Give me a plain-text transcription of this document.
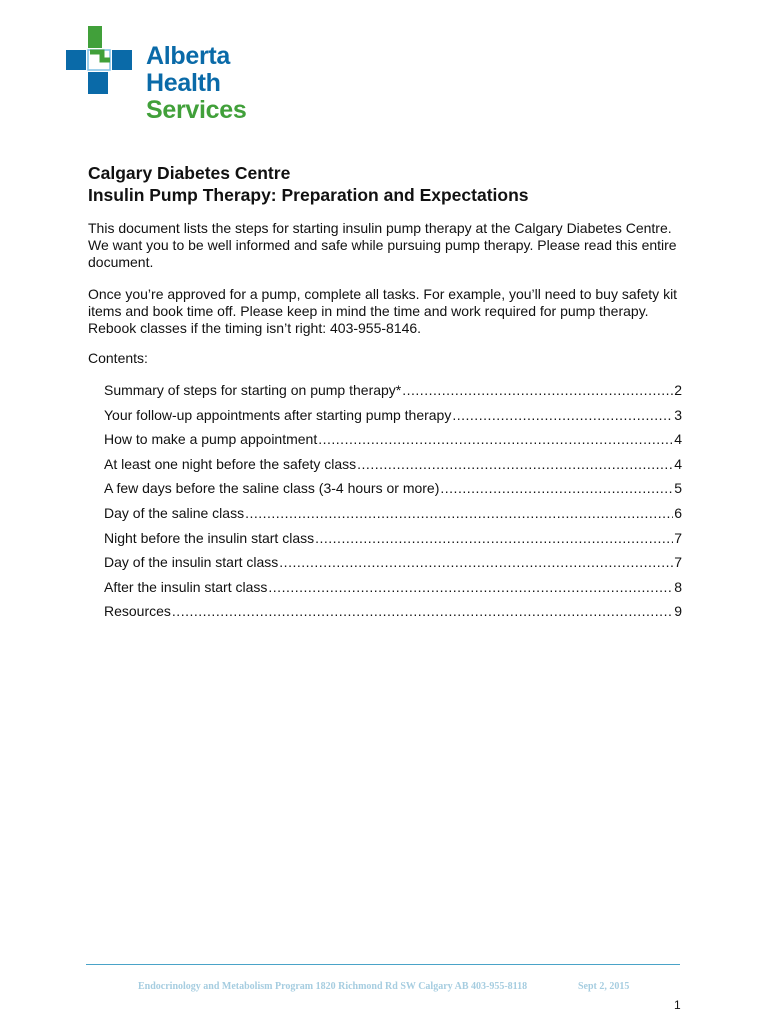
Alberta Health
Services
Calgary Diabetes Centre
Insulin Pump Therapy: Preparation and Expectations

This document lists the steps for starting insulin pump therapy at the Calgary Diabetes Centre. We want you to be well informed and safe while pursuing pump therapy. Please read this entire document.

Once you’re approved for a pump, complete all tasks. For example, you’ll need to buy safety kit items and book time off. Please keep in mind the time and work required for pump therapy. Rebook classes if the timing isn’t right: 403-955-8146.

Contents:
Summary of steps for starting on pump therapy* .....	2
Your follow-up appointments after starting pump therapy .....	3
How to make a pump appointment .....	4
At least one night before the safety class .....	4
A few days before the saline class (3-4 hours or more) .....	5
Day of the saline class .....	6
Night before the insulin start class .....	7
Day of the insulin start class .....	7
After the insulin start class .....	8
Resources .....	9
Endocrinology and Metabolism Program 1820 Richmond Rd SW Calgary AB 403-955-8118	Sept 2, 2015
1
